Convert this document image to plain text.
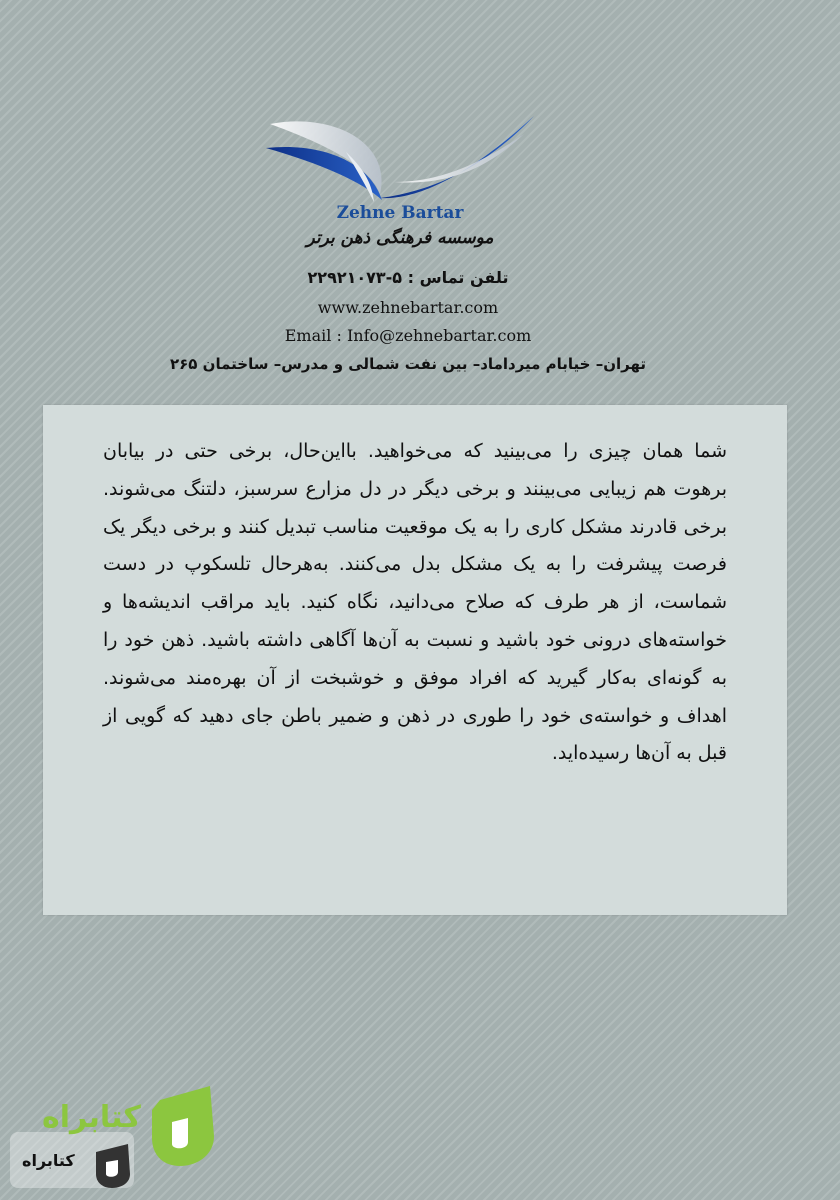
Zehne Bartar
موسسه فرهنگی ذهن برتر
تلفن تماس : ۵-۲۲۹۲۱۰۷۳
www.zehnebartar.com
Email : Info@zehnebartar.com
تهران– خیابام میرداماد– بین نفت شمالی و مدرس– ساختمان ۲۶۵
شما همان چیزی را می‌بینید که می‌خواهید. بااین‌حال، برخی حتی در بیابان برهوت هم زیبایی می‌بینند و برخی دیگر در دل مزارع سرسبز، دلتنگ می‌شوند. برخی قادرند مشکل کاری را به یک موقعیت مناسب تبدیل کنند و برخی دیگر یک فرصت پیشرفت را به یک مشکل بدل می‌کنند. به‌هرحال تلسکوپ در دست شماست، از هر طرف که صلاح می‌دانید، نگاه کنید. باید مراقب اندیشه‌ها و خواسته‌های درونی خود باشید و نسبت به آن‌ها آگاهی داشته باشید. ذهن خود را به گونه‌ای به‌کار گیرید که افراد موفق و خوشبخت از آن بهره‌مند می‌شوند. اهداف و خواسته‌ی خود را طوری در ذهن و ضمیر باطن جای دهید که گویی از قبل به آن‌ها رسیده‌اید.
کتابراه
کتابراه
